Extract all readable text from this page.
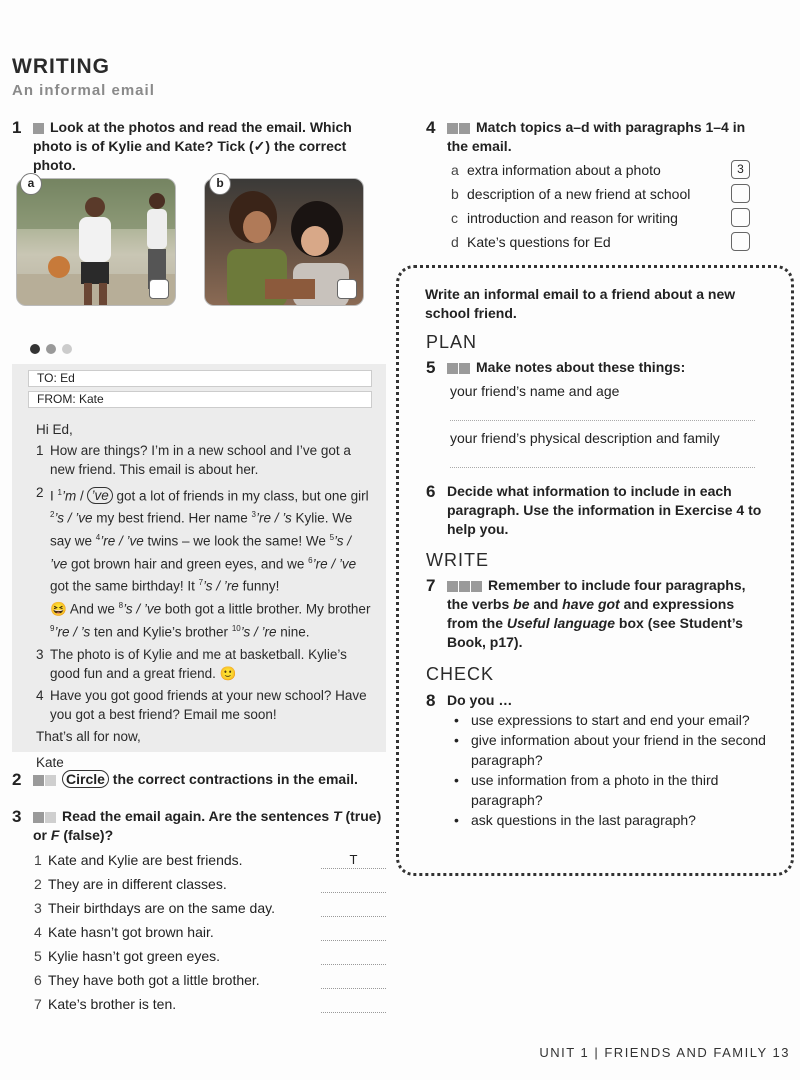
WRITING
An informal email
1	Look at the photos and read the email. Which photo is of Kylie and Kate? Tick (✓) the correct photo.
a	b
TO: Ed
FROM: Kate
Hi Ed,
1 How are things? I’m in a new school and I’ve got a new friend. This email is about her.
2 I $^1$’m / ’ve got a lot of friends in my class, but one girl $^2$’s / ’ve my best friend. Her name $^3$’re / ’s Kylie. We say we $^4$’re / ’ve twins – we look the same! We $^5$’s / ’ve got brown hair and green eyes, and we $^6$’re / ’ve got the same birthday! It $^7$’s / ’re funny!
😆 And we $^8$’s / ’ve both got a little brother. My brother $^9$’re / ’s ten and Kylie’s brother $^{10}$’s / ’re nine.
3 The photo is of Kylie and me at basketball. Kylie’s good fun and a great friend. 🙂
4 Have you got good friends at your new school? Have you got a best friend? Email me soon!
That’s all for now,
Kate
2	Circle the correct contractions in the email.
3	Read the email again. Are the sentences T (true) or F (false)?
1 Kate and Kylie are best friends.	T
2 They are in different classes.
3 Their birthdays are on the same day.
4 Kate hasn’t got brown hair.
5 Kylie hasn’t got green eyes.
6 They have both got a little brother.
7 Kate’s brother is ten.
4	Match topics a–d with paragraphs 1–4 in the email.
a extra information about a photo	3
b description of a new friend at school
c introduction and reason for writing
d Kate’s questions for Ed
Write an informal email to a friend about a new school friend.
PLAN
5	Make notes about these things:
your friend’s name and age
your friend’s physical description and family
6 Decide what information to include in each paragraph. Use the information in Exercise 4 to help you.
WRITE
7	Remember to include four paragraphs, the verbs be and have got and expressions from the Useful language box (see Student’s Book, p17).
CHECK
8 Do you …
• use expressions to start and end your email?
• give information about your friend in the second paragraph?
• use information from a photo in the third paragraph?
• ask questions in the last paragraph?
UNIT 1 | FRIENDS AND FAMILY 13
